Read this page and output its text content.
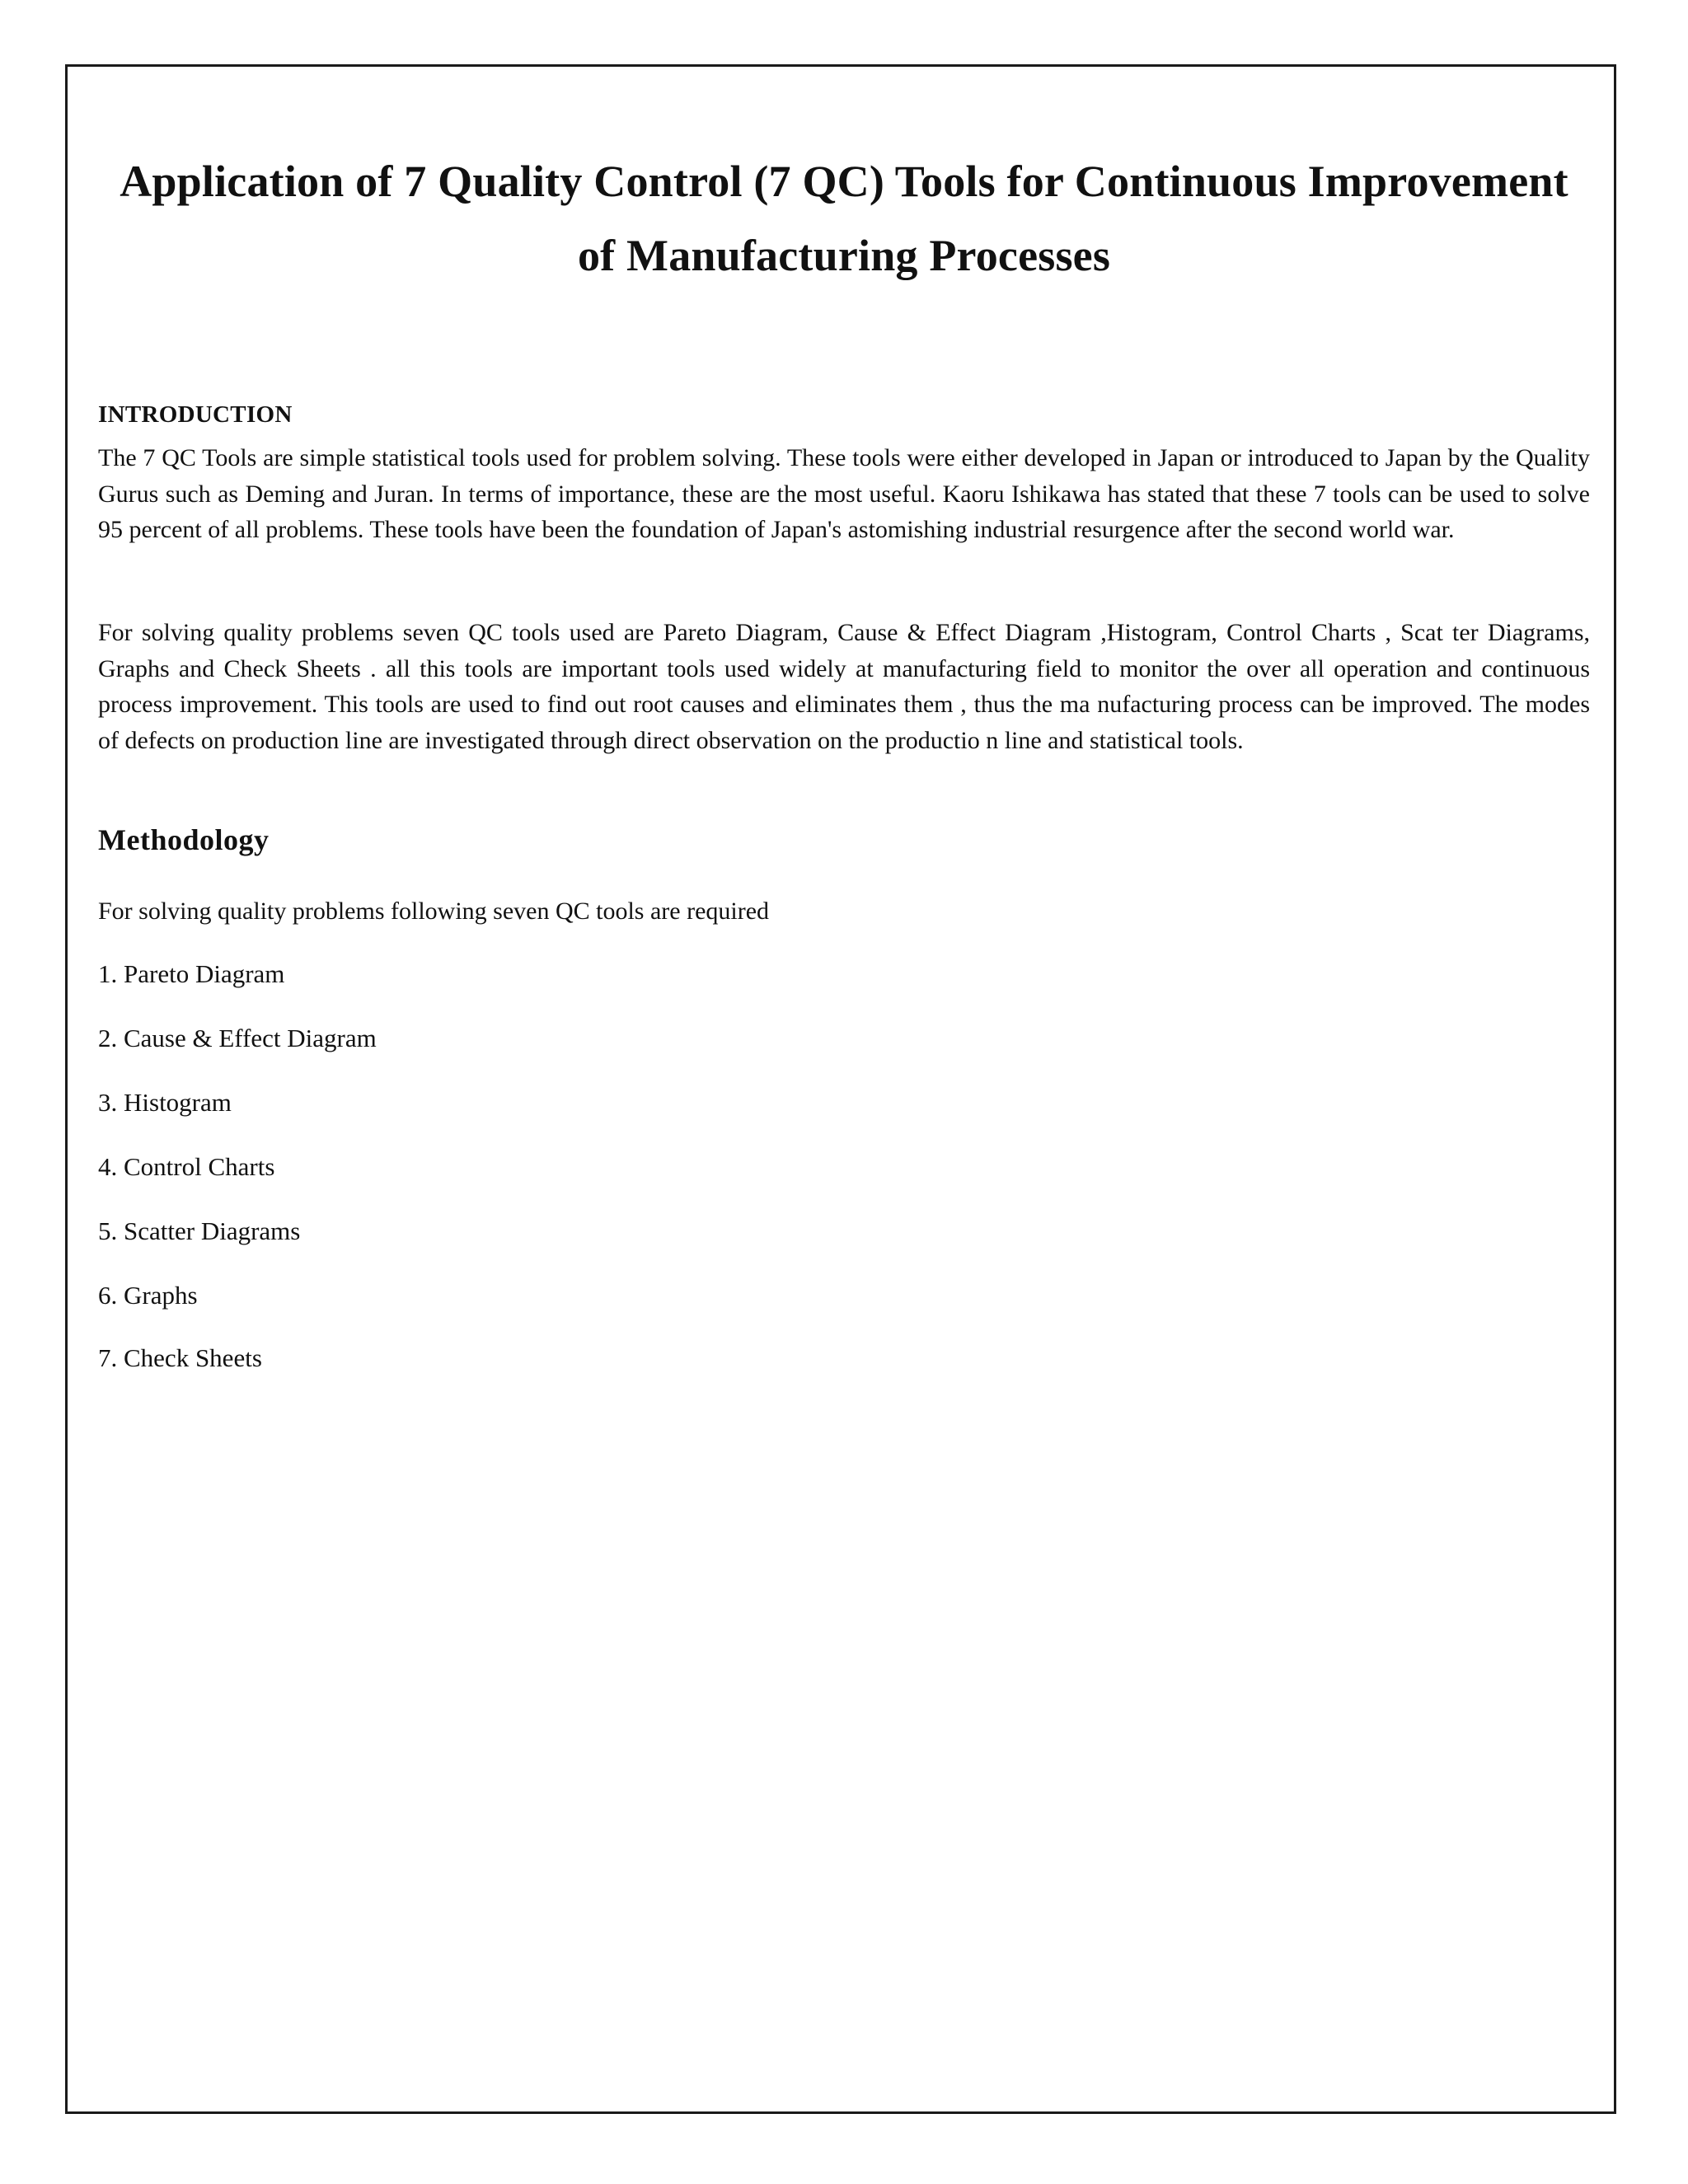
Application of 7 Quality Control (7 QC) Tools for Continuous Improvement of Manufacturing Processes
INTRODUCTION

The 7 QC Tools are simple statistical tools used for problem solving. These tools were either developed in Japan or introduced to Japan by the Quality Gurus such as Deming and Juran. In terms of importance, these are the most useful. Kaoru Ishikawa has stated that these 7 tools can be used to solve 95 percent of all problems. These tools have been the foundation of Japan's astomishing industrial resurgence after the second world war.

For solving quality problems seven QC tools used are Pareto Diagram, Cause & Effect Diagram ,Histogram, Control Charts , Scat ter Diagrams, Graphs and Check Sheets . all this tools are important tools used widely at manufacturing field to monitor the over all operation and continuous process improvement. This tools are used to find out root causes and eliminates them , thus the ma nufacturing process can be improved. The modes of defects on production line are investigated through direct observation on the productio n line and statistical tools.

Methodology

For solving quality problems following seven QC tools are required

1. Pareto Diagram
2. Cause & Effect Diagram
3. Histogram
4. Control Charts
5. Scatter Diagrams
6. Graphs
7. Check Sheets
